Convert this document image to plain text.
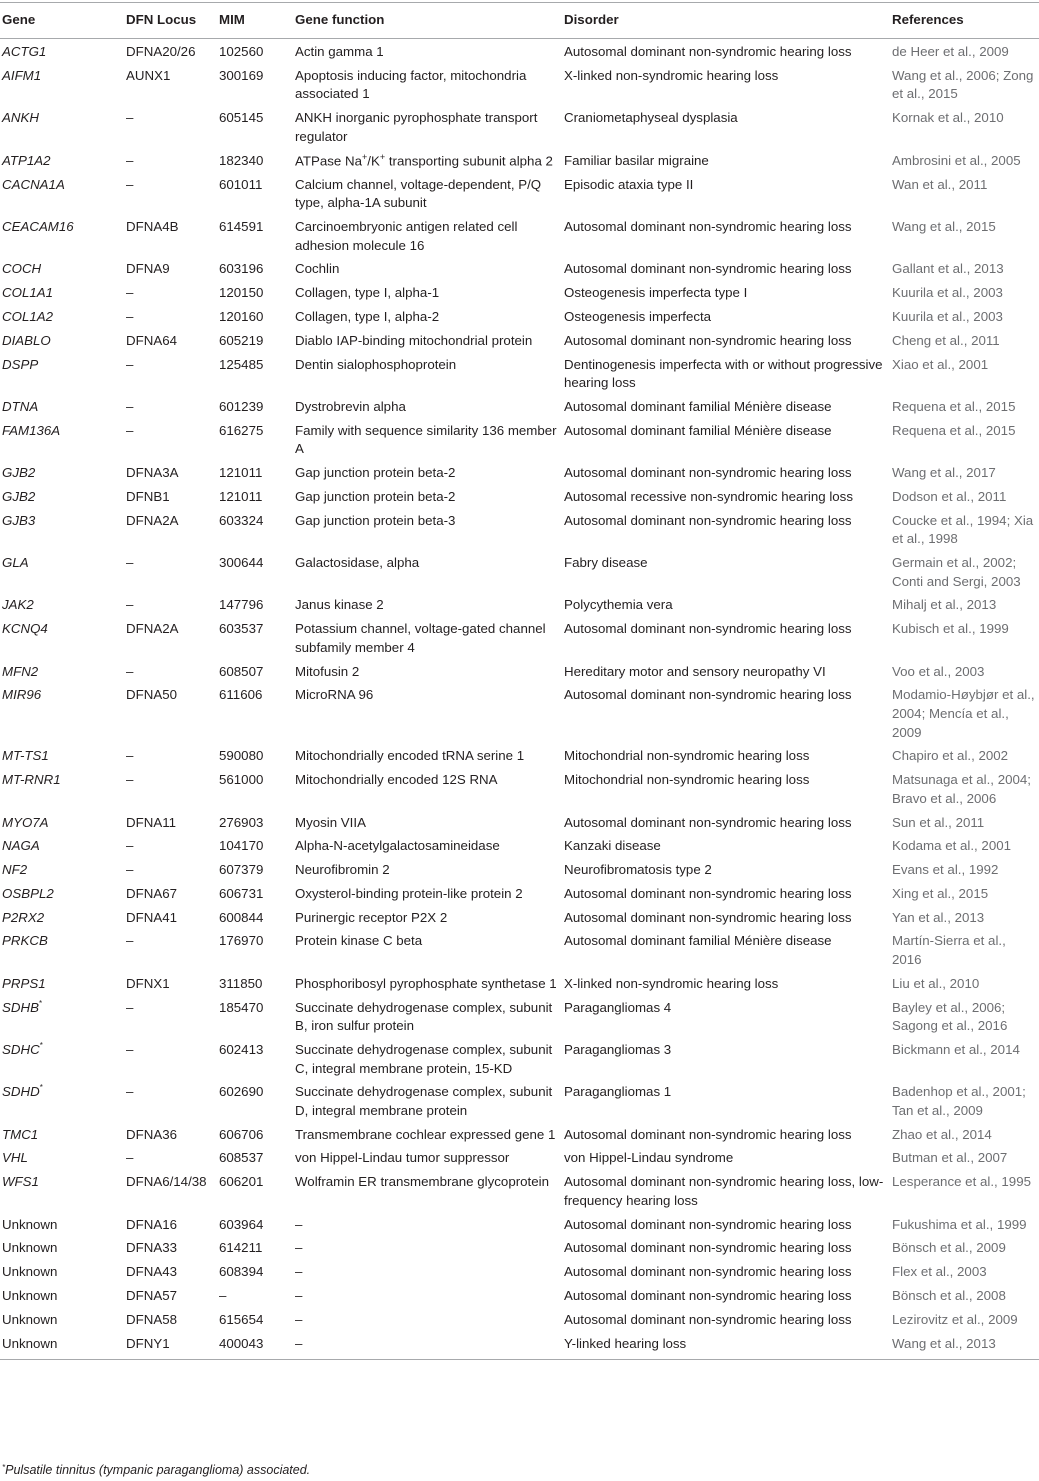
Gene	DFN Locus	MIM	Gene function	Disorder	References
ACTG1	DFNA20/26	102560	Actin gamma 1	Autosomal dominant non-syndromic hearing loss	de Heer et al., 2009
AIFM1	AUNX1	300169	Apoptosis inducing factor, mitochondria associated 1	X-linked non-syndromic hearing loss	Wang et al., 2006; Zong et al., 2015
ANKH	–	605145	ANKH inorganic pyrophosphate transport regulator	Craniometaphyseal dysplasia	Kornak et al., 2010
ATP1A2	–	182340	ATPase Na+/K+ transporting subunit alpha 2	Familiar basilar migraine	Ambrosini et al., 2005
CACNA1A	–	601011	Calcium channel, voltage-dependent, P/Q type, alpha-1A subunit	Episodic ataxia type II	Wan et al., 2011
CEACAM16	DFNA4B	614591	Carcinoembryonic antigen related cell adhesion molecule 16	Autosomal dominant non-syndromic hearing loss	Wang et al., 2015
COCH	DFNA9	603196	Cochlin	Autosomal dominant non-syndromic hearing loss	Gallant et al., 2013
COL1A1	–	120150	Collagen, type I, alpha-1	Osteogenesis imperfecta type I	Kuurila et al., 2003
COL1A2	–	120160	Collagen, type I, alpha-2	Osteogenesis imperfecta	Kuurila et al., 2003
DIABLO	DFNA64	605219	Diablo IAP-binding mitochondrial protein	Autosomal dominant non-syndromic hearing loss	Cheng et al., 2011
DSPP	–	125485	Dentin sialophosphoprotein	Dentinogenesis imperfecta with or without progressive hearing loss	Xiao et al., 2001
DTNA	–	601239	Dystrobrevin alpha	Autosomal dominant familial Ménière disease	Requena et al., 2015
FAM136A	–	616275	Family with sequence similarity 136 member A	Autosomal dominant familial Ménière disease	Requena et al., 2015
GJB2	DFNA3A	121011	Gap junction protein beta-2	Autosomal dominant non-syndromic hearing loss	Wang et al., 2017
GJB2	DFNB1	121011	Gap junction protein beta-2	Autosomal recessive non-syndromic hearing loss	Dodson et al., 2011
GJB3	DFNA2A	603324	Gap junction protein beta-3	Autosomal dominant non-syndromic hearing loss	Coucke et al., 1994; Xia et al., 1998
GLA	–	300644	Galactosidase, alpha	Fabry disease	Germain et al., 2002; Conti and Sergi, 2003
JAK2	–	147796	Janus kinase 2	Polycythemia vera	Mihalj et al., 2013
KCNQ4	DFNA2A	603537	Potassium channel, voltage-gated channel subfamily member 4	Autosomal dominant non-syndromic hearing loss	Kubisch et al., 1999
MFN2	–	608507	Mitofusin 2	Hereditary motor and sensory neuropathy VI	Voo et al., 2003
MIR96	DFNA50	611606	MicroRNA 96	Autosomal dominant non-syndromic hearing loss	Modamio-Høybjør et al., 2004; Mencía et al., 2009
MT-TS1	–	590080	Mitochondrially encoded tRNA serine 1	Mitochondrial non-syndromic hearing loss	Chapiro et al., 2002
MT-RNR1	–	561000	Mitochondrially encoded 12S RNA	Mitochondrial non-syndromic hearing loss	Matsunaga et al., 2004; Bravo et al., 2006
MYO7A	DFNA11	276903	Myosin VIIA	Autosomal dominant non-syndromic hearing loss	Sun et al., 2011
NAGA	–	104170	Alpha-N-acetylgalactosamineidase	Kanzaki disease	Kodama et al., 2001
NF2	–	607379	Neurofibromin 2	Neurofibromatosis type 2	Evans et al., 1992
OSBPL2	DFNA67	606731	Oxysterol-binding protein-like protein 2	Autosomal dominant non-syndromic hearing loss	Xing et al., 2015
P2RX2	DFNA41	600844	Purinergic receptor P2X 2	Autosomal dominant non-syndromic hearing loss	Yan et al., 2013
PRKCB	–	176970	Protein kinase C beta	Autosomal dominant familial Ménière disease	Martín-Sierra et al., 2016
PRPS1	DFNX1	311850	Phosphoribosyl pyrophosphate synthetase 1	X-linked non-syndromic hearing loss	Liu et al., 2010
SDHB*	–	185470	Succinate dehydrogenase complex, subunit B, iron sulfur protein	Paragangliomas 4	Bayley et al., 2006; Sagong et al., 2016
SDHC*	–	602413	Succinate dehydrogenase complex, subunit C, integral membrane protein, 15-KD	Paragangliomas 3	Bickmann et al., 2014
SDHD*	–	602690	Succinate dehydrogenase complex, subunit D, integral membrane protein	Paragangliomas 1	Badenhop et al., 2001; Tan et al., 2009
TMC1	DFNA36	606706	Transmembrane cochlear expressed gene 1	Autosomal dominant non-syndromic hearing loss	Zhao et al., 2014
VHL	–	608537	von Hippel-Lindau tumor suppressor	von Hippel-Lindau syndrome	Butman et al., 2007
WFS1	DFNA6/14/38	606201	Wolframin ER transmembrane glycoprotein	Autosomal dominant non-syndromic hearing loss, low-frequency hearing loss	Lesperance et al., 1995
Unknown	DFNA16	603964	–	Autosomal dominant non-syndromic hearing loss	Fukushima et al., 1999
Unknown	DFNA33	614211	–	Autosomal dominant non-syndromic hearing loss	Bönsch et al., 2009
Unknown	DFNA43	608394	–	Autosomal dominant non-syndromic hearing loss	Flex et al., 2003
Unknown	DFNA57	–	–	Autosomal dominant non-syndromic hearing loss	Bönsch et al., 2008
Unknown	DFNA58	615654	–	Autosomal dominant non-syndromic hearing loss	Lezirovitz et al., 2009
Unknown	DFNY1	400043	–	Y-linked hearing loss	Wang et al., 2013
*Pulsatile tinnitus (tympanic paraganglioma) associated.
